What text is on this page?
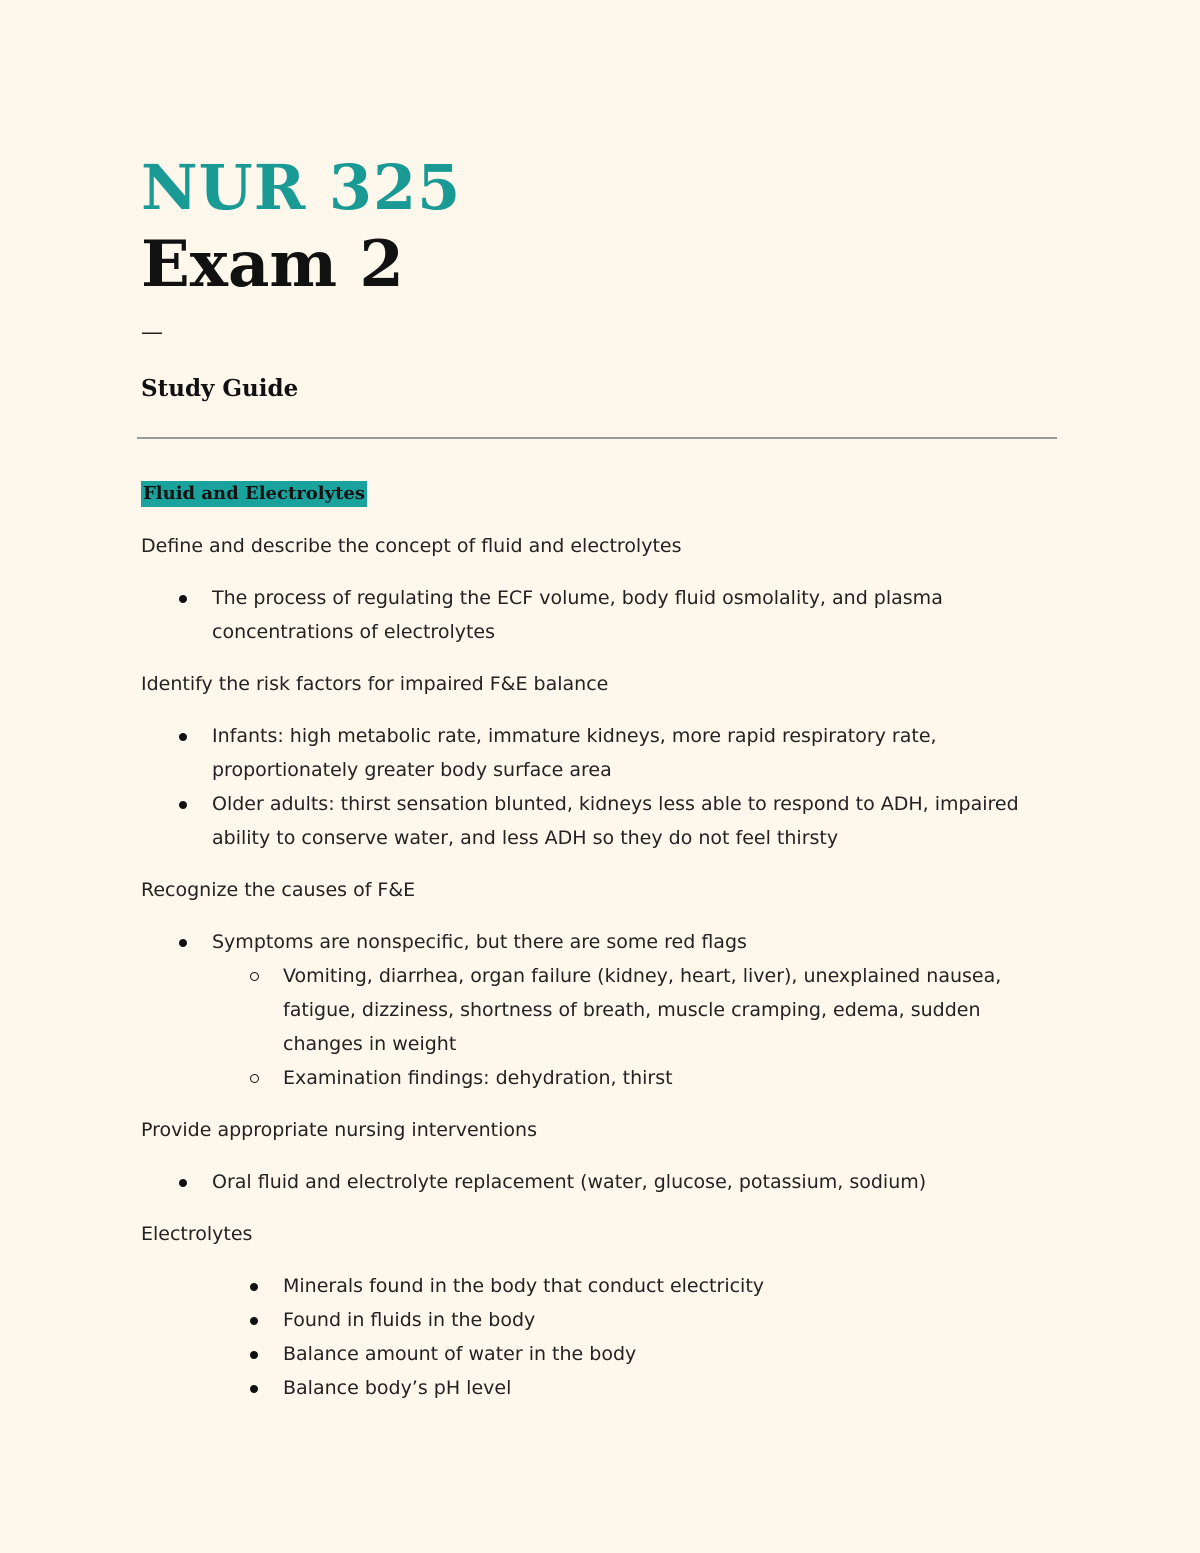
NUR 325
Exam 2
—
Study Guide
Fluid and Electrolytes

Define and describe the concept of fluid and electrolytes

The process of regulating the ECF volume, body fluid osmolality, and plasma concentrations of electrolytes

Identify the risk factors for impaired F&E balance

Infants: high metabolic rate, immature kidneys, more rapid respiratory rate, proportionately greater body surface area
Older adults: thirst sensation blunted, kidneys less able to respond to ADH, impaired ability to conserve water, and less ADH so they do not feel thirsty

Recognize the causes of F&E

Symptoms are nonspecific, but there are some red flags
Vomiting, diarrhea, organ failure (kidney, heart, liver), unexplained nausea, fatigue, dizziness, shortness of breath, muscle cramping, edema, sudden changes in weight
Examination findings: dehydration, thirst

Provide appropriate nursing interventions

Oral fluid and electrolyte replacement (water, glucose, potassium, sodium)

Electrolytes

Minerals found in the body that conduct electricity
Found in fluids in the body
Balance amount of water in the body
Balance body’s pH level
